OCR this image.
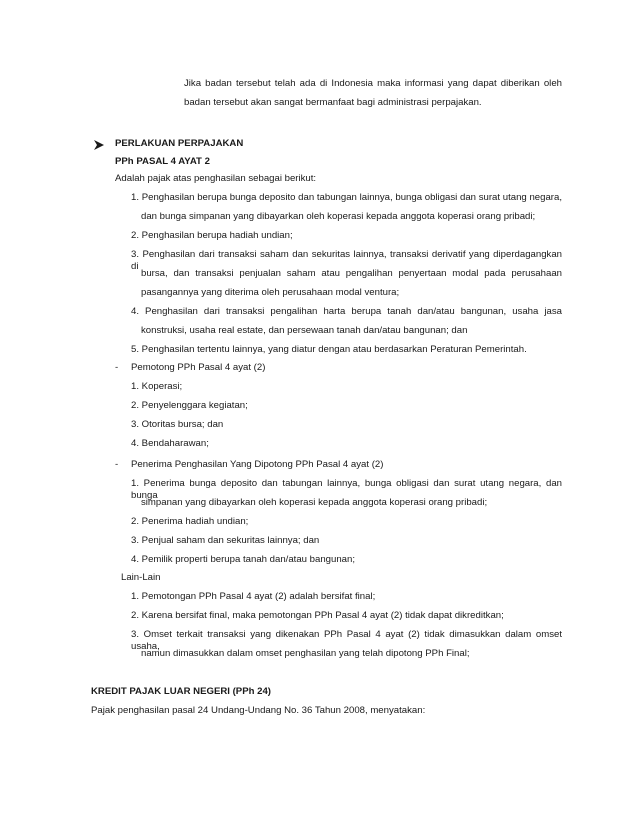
Jika badan tersebut telah ada di Indonesia maka informasi yang dapat diberikan oleh
badan tersebut akan sangat bermanfaat bagi administrasi perpajakan.
PERLAKUAN PERPAJAKAN
PPh PASAL 4 AYAT 2
Adalah pajak atas penghasilan sebagai berikut:
1. Penghasilan berupa bunga deposito dan tabungan lainnya, bunga obligasi dan surat utang negara,
dan bunga simpanan yang dibayarkan oleh koperasi kepada anggota koperasi orang pribadi;
2. Penghasilan berupa hadiah undian;
3. Penghasilan dari transaksi saham dan sekuritas lainnya, transaksi derivatif yang diperdagangkan di
bursa, dan transaksi penjualan saham atau pengalihan penyertaan modal pada perusahaan
pasangannya yang diterima oleh perusahaan modal ventura;
4. Penghasilan dari transaksi pengalihan harta berupa tanah dan/atau bangunan, usaha jasa
konstruksi, usaha real estate, dan persewaan tanah dan/atau bangunan; dan
5. Penghasilan tertentu lainnya, yang diatur dengan atau berdasarkan Peraturan Pemerintah.
- Pemotong PPh Pasal 4 ayat (2)
1. Koperasi;
2. Penyelenggara kegiatan;
3. Otoritas bursa; dan
4. Bendaharawan;
- Penerima Penghasilan Yang Dipotong PPh Pasal 4 ayat (2)
1. Penerima bunga deposito dan tabungan lainnya, bunga obligasi dan surat utang negara, dan bunga
simpanan yang dibayarkan oleh koperasi kepada anggota koperasi orang pribadi;
2. Penerima hadiah undian;
3. Penjual saham dan sekuritas lainnya; dan
4. Pemilik properti berupa tanah dan/atau bangunan;
Lain-Lain
1. Pemotongan PPh Pasal 4 ayat (2) adalah bersifat final;
2. Karena bersifat final, maka pemotongan PPh Pasal 4 ayat (2) tidak dapat dikreditkan;
3. Omset terkait transaksi yang dikenakan PPh Pasal 4 ayat (2) tidak dimasukkan dalam omset usaha,
namun dimasukkan dalam omset penghasilan yang telah dipotong PPh Final;
KREDIT PAJAK LUAR NEGERI (PPh 24)
Pajak penghasilan pasal 24 Undang-Undang No. 36 Tahun 2008, menyatakan:
